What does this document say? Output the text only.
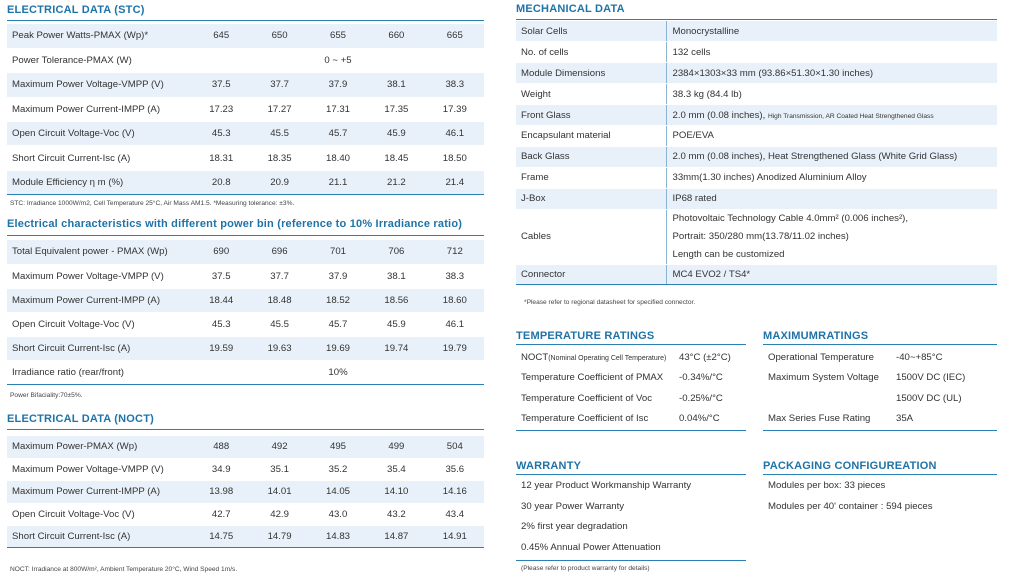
ELECTRICAL DATA (STC)
Peak Power Watts-PMAX (Wp)*	645	650	655	660	665
Power Tolerance-PMAX (W)	0 ~ +5				
Maximum Power Voltage-VMPP (V)	37.5	37.7	37.9	38.1	38.3
Maximum Power Current-IMPP (A)	17.23	17.27	17.31	17.35	17.39
Open Circuit Voltage-Voc (V)	45.3	45.5	45.7	45.9	46.1
Short Circuit Current-Isc (A)	18.31	18.35	18.40	18.45	18.50
Module Efficiency η m (%)	20.8	20.9	21.1	21.2	21.4
STC: Irradiance 1000W/m2, Cell Temperature 25°C, Air Mass AM1.5. *Measuring tolerance: ±3%.
Electrical characteristics with different power bin (reference to 10% Irradiance ratio)
Total Equivalent power - PMAX (Wp)	690	696	701	706	712
Maximum Power Voltage-VMPP (V)	37.5	37.7	37.9	38.1	38.3
Maximum Power Current-IMPP (A)	18.44	18.48	18.52	18.56	18.60
Open Circuit Voltage-Voc (V)	45.3	45.5	45.7	45.9	46.1
Short Circuit Current-Isc (A)	19.59	19.63	19.69	19.74	19.79
Irradiance ratio (rear/front)	10%				
Power Bifaciality:70±5%.
ELECTRICAL DATA (NOCT)
Maximum Power-PMAX (Wp)	488	492	495	499	504
Maximum Power Voltage-VMPP (V)	34.9	35.1	35.2	35.4	35.6
Maximum Power Current-IMPP (A)	13.98	14.01	14.05	14.10	14.16
Open Circuit Voltage-Voc (V)	42.7	42.9	43.0	43.2	43.4
Short Circuit Current-Isc (A)	14.75	14.79	14.83	14.87	14.91
NOCT: Irradiance at 800W/m², Ambient Temperature 20°C, Wind Speed 1m/s.
MECHANICAL DATA
Solar Cells	Monocrystalline
No. of cells	132 cells
Module Dimensions	2384×1303×33 mm (93.86×51.30×1.30 inches)
Weight	38.3 kg (84.4 lb)
Front Glass	2.0 mm (0.08 inches), High Transmission, AR Coated Heat Strengthened Glass
Encapsulant material	POE/EVA
Back Glass	2.0 mm (0.08 inches), Heat Strengthened Glass (White Grid Glass)
Frame	33mm(1.30 inches) Anodized Aluminium Alloy
J-Box	IP68 rated
Cables	Photovoltaic Technology Cable 4.0mm² (0.006 inches²),
Portrait: 350/280 mm(13.78/11.02 inches)
Length can be customized

Connector	MC4 EVO2 / TS4*
*Please refer to regional datasheet for specified connector.
TEMPERATURE RATINGS
NOCT(Nominal Operating Cell Temperature)	43°C (±2°C)
Temperature Coefficient of PMAX	-0.34%/°C
Temperature Coefficient of Voc	-0.25%/°C
Temperature Coefficient of Isc	0.04%/°C
MAXIMUMRATINGS
Operational Temperature	-40~+85°C
Maximum System Voltage	1500V DC (IEC)
	1500V DC (UL)
Max Series Fuse Rating	35A
WARRANTY
12 year Product Workmanship Warranty
30 year Power Warranty
2% first year degradation
0.45% Annual Power Attenuation
(Please refer to product warranty for details)
PACKAGING CONFIGUREATION
Modules per box: 33 pieces
Modules per 40' container : 594 pieces
